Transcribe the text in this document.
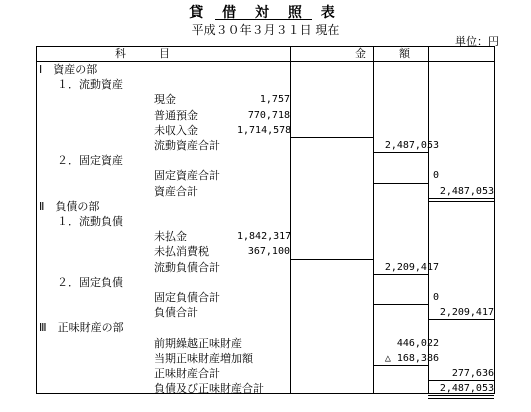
貸 借 対 照 表
平成３０年３月３１日 現在
単位：円
科　　　目	金　　　額
Ⅰ　資産の部
１．流動資産
現金	1,757
普通預金	770,718
未収入金	1,714,578
流動資産合計	2,487,053
２．固定資産
固定資産合計	0
資産合計	2,487,053
Ⅱ　負債の部
１．流動負債
未払金	1,842,317
未払消費税	367,100
流動負債合計	2,209,417
２．固定負債
固定負債合計	0
負債合計	2,209,417
Ⅲ　正味財産の部
前期繰越正味財産	446,022
当期正味財産増加額	△ 168,386
正味財産合計	277,636
負債及び正味財産合計	2,487,053
